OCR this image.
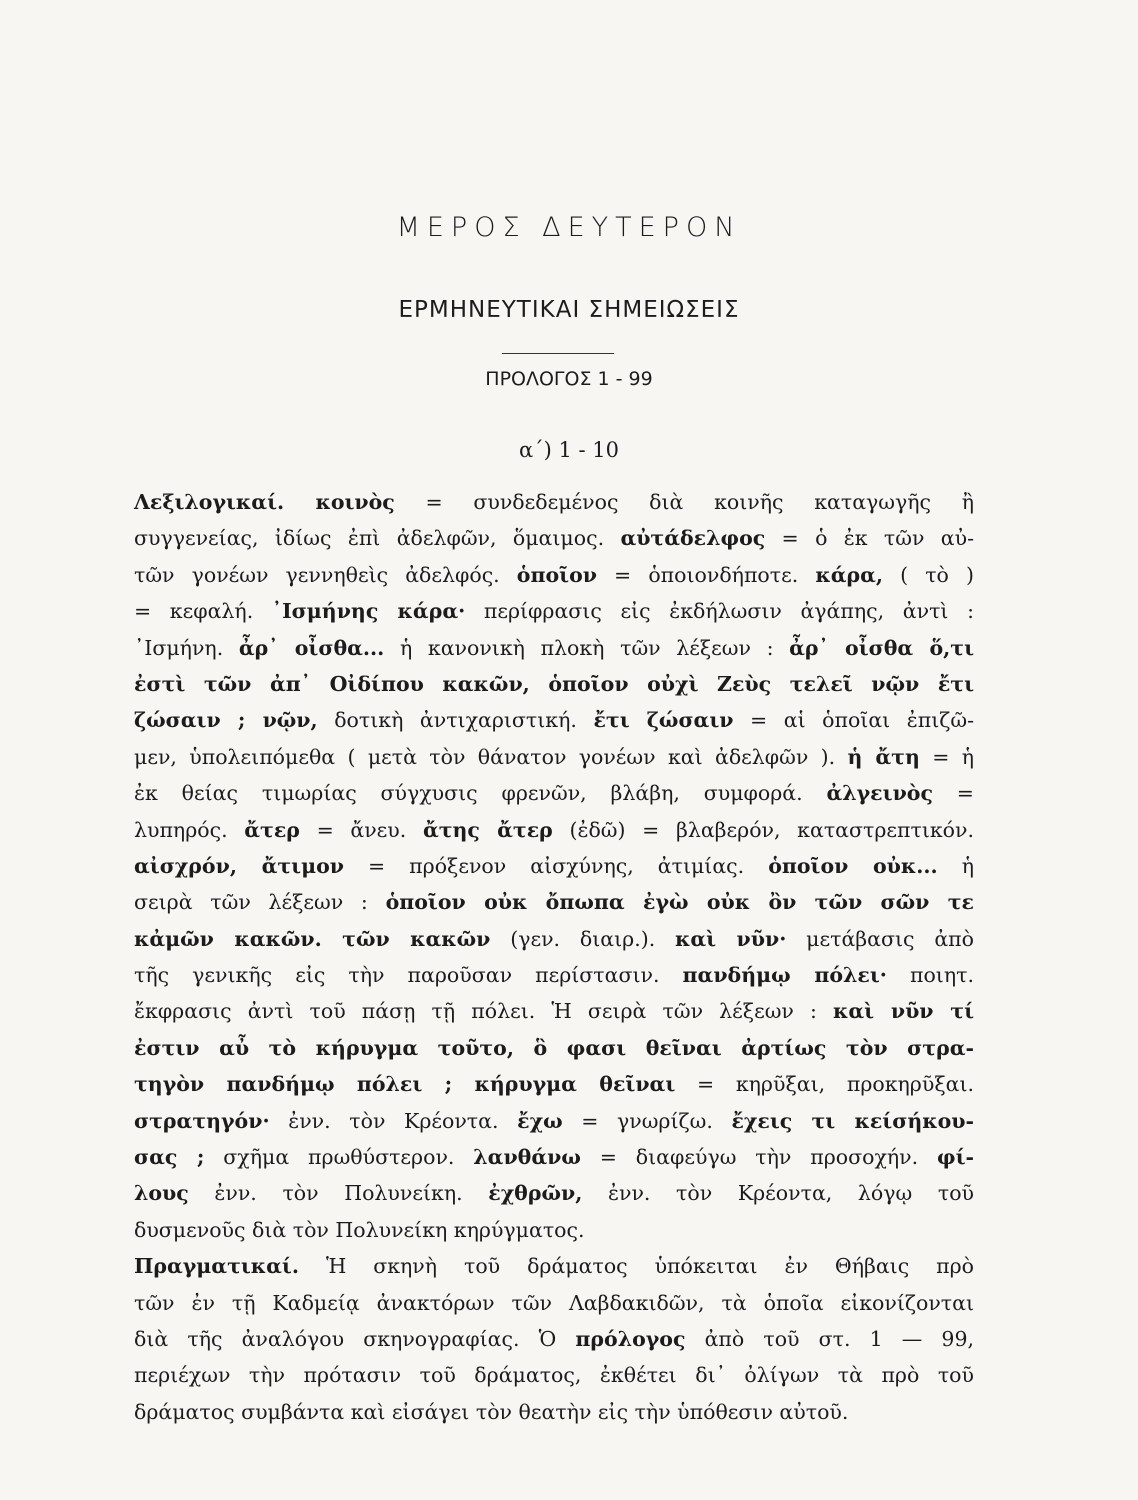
ΜΕΡΟΣ ΔΕΥΤΕΡΟΝ
ΕΡΜΗΝΕΥΤΙΚΑΙ ΣΗΜΕΙΩΣΕΙΣ
ΠΡΟΛΟΓΟΣ 1 - 99
α΄) 1 - 10
Λεξιλογικαί. κοινὸς = συνδεδεμένος διὰ κοινῆς καταγωγῆς ἢ
συγγενείας, ἰδίως ἐπὶ ἀδελφῶν, ὅμαιμος. αὐτάδελφος = ὁ ἐκ τῶν αὐ-
τῶν γονέων γεννηθεὶς ἀδελφός. ὁποῖον = ὁποιονδήποτε. κάρα, ( τὸ )
= κεφαλή. ᾿Ισμήνης κάρα· περίφρασις εἰς ἐκδήλωσιν ἀγάπης, ἀντὶ :
᾿Ισμήνη. ἆρ᾿ οἶσθα... ἡ κανονικὴ πλοκὴ τῶν λέξεων : ἆρ᾿ οἶσθα ὅ,τι
ἐστὶ τῶν ἀπ᾿ Οἰδίπου κακῶν, ὁποῖον οὐχὶ Ζεὺς τελεῖ νῷν ἔτι
ζώσαιν ; νῷν, δοτικὴ ἀντιχαριστική. ἔτι ζώσαιν = αἱ ὁποῖαι ἐπιζῶ-
μεν, ὑπολειπόμεθα ( μετὰ τὸν θάνατον γονέων καὶ ἀδελφῶν ). ἡ ἄτη = ἡ
ἐκ θείας τιμωρίας σύγχυσις φρενῶν, βλάβη, συμφορά. ἀλγεινὸς =
λυπηρός. ἄτερ = ἄνευ. ἄτης ἄτερ (ἐδῶ) = βλαβερόν, καταστρεπτικόν.
αἰσχρόν, ἄτιμον = πρόξενον αἰσχύνης, ἀτιμίας. ὁποῖον οὐκ... ἡ
σειρὰ τῶν λέξεων : ὁποῖον οὐκ ὄπωπα ἐγὼ οὐκ ὂν τῶν σῶν τε
κἀμῶν κακῶν. τῶν κακῶν (γεν. διαιρ.). καὶ νῦν· μετάβασις ἀπὸ
τῆς γενικῆς εἰς τὴν παροῦσαν περίστασιν. πανδήμῳ πόλει· ποιητ.
ἔκφρασις ἀντὶ τοῦ πάσῃ τῇ πόλει. Ἡ σειρὰ τῶν λέξεων : καὶ νῦν τί
ἐστιν αὖ τὸ κήρυγμα τοῦτο, ὃ φασι θεῖναι ἀρτίως τὸν στρα-
τηγὸν πανδήμῳ πόλει ; κήρυγμα θεῖναι = κηρῦξαι, προκηρῦξαι.
στρατηγόν· ἐνν. τὸν Κρέοντα. ἔχω = γνωρίζω. ἔχεις τι κείσήκου-
σας ; σχῆμα πρωθύστερον. λανθάνω = διαφεύγω τὴν προσοχήν. φί-
λους ἐνν. τὸν Πολυνείκη. ἐχθρῶν, ἐνν. τὸν Κρέοντα, λόγῳ τοῦ
δυσμενοῦς διὰ τὸν Πολυνείκη κηρύγματος.
Πραγματικαί. Ἡ σκηνὴ τοῦ δράματος ὑπόκειται ἐν Θήβαις πρὸ
τῶν ἐν τῇ Καδμείᾳ ἀνακτόρων τῶν Λαβδακιδῶν, τὰ ὁποῖα εἰκονίζονται
διὰ τῆς ἀναλόγου σκηνογραφίας. Ὁ πρόλογος ἀπὸ τοῦ στ. 1 — 99,
περιέχων τὴν πρότασιν τοῦ δράματος, ἐκθέτει δι᾿ ὀλίγων τὰ πρὸ τοῦ
δράματος συμβάντα καὶ εἰσάγει τὸν θεατὴν εἰς τὴν ὑπόθεσιν αὐτοῦ.
